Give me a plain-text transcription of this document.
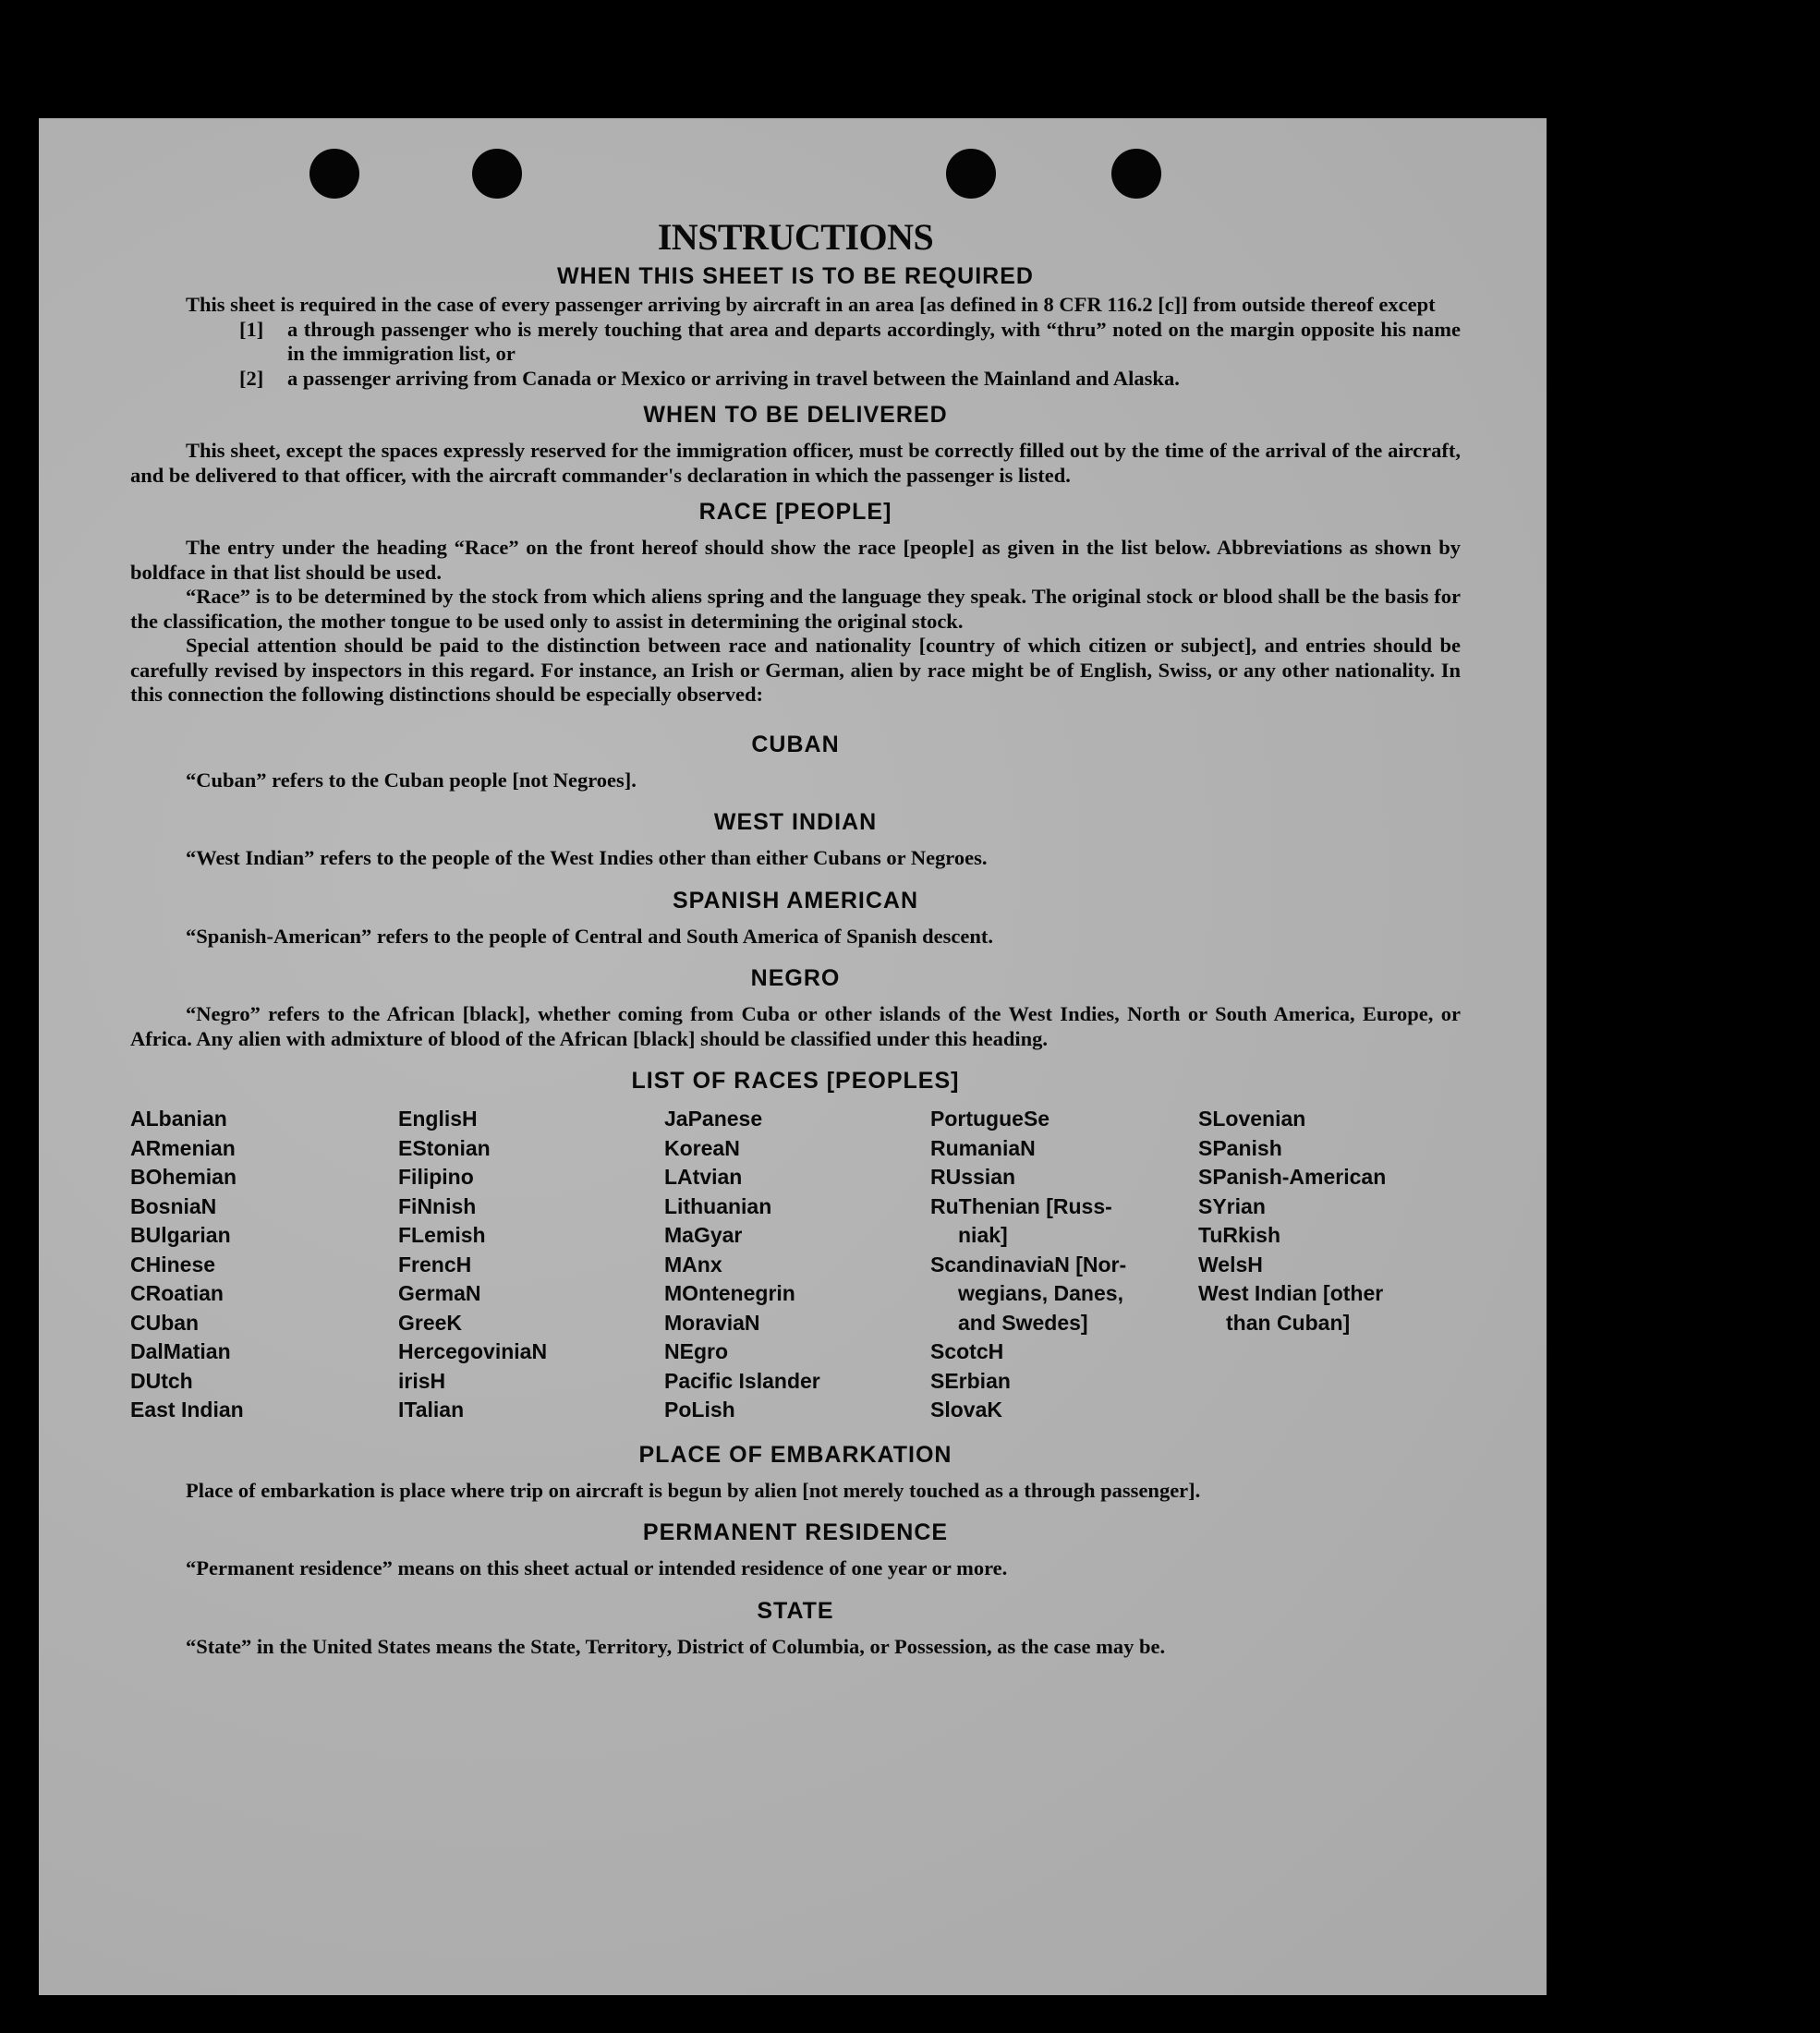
INSTRUCTIONS
WHEN THIS SHEET IS TO BE REQUIRED

This sheet is required in the case of every passenger arriving by aircraft in an area [as defined in 8 CFR 116.2 [c]] from outside thereof except

[1]	a through passenger who is merely touching that area and departs accordingly, with “thru” noted on the margin opposite his name in the immigration list, or
[2]	a passenger arriving from Canada or Mexico or arriving in travel between the Mainland and Alaska.
WHEN TO BE DELIVERED

This sheet, except the spaces expressly reserved for the immigration officer, must be correctly filled out by the time of the arrival of the aircraft, and be delivered to that officer, with the aircraft commander's declaration in which the passenger is listed.

RACE [PEOPLE]

The entry under the heading “Race” on the front hereof should show the race [people] as given in the list below. Abbreviations as shown by boldface in that list should be used.

“Race” is to be determined by the stock from which aliens spring and the language they speak. The original stock or blood shall be the basis for the classification, the mother tongue to be used only to assist in determining the original stock.

Special attention should be paid to the distinction between race and nationality [country of which citizen or subject], and entries should be carefully revised by inspectors in this regard. For instance, an Irish or German, alien by race might be of English, Swiss, or any other nationality. In this connection the following distinctions should be especially observed:

CUBAN

“Cuban” refers to the Cuban people [not Negroes].

WEST INDIAN

“West Indian” refers to the people of the West Indies other than either Cubans or Negroes.

SPANISH AMERICAN

“Spanish-American” refers to the people of Central and South America of Spanish descent.

NEGRO

“Negro” refers to the African [black], whether coming from Cuba or other islands of the West Indies, North or South America, Europe, or Africa. Any alien with admixture of blood of the African [black] should be classified under this heading.

LIST OF RACES [PEOPLES]
ALbanian
ARmenian
BOhemian
BosniaN
BUlgarian
CHinese
CRoatian
CUban
DalMatian
DUtch
East Indian
EnglisH
EStonian
Filipino
FiNnish
FLemish
FrencH
GermaN
GreeK
HercegoviniaN
irisH
ITalian
JaPanese
KoreaN
LAtvian
Lithuanian
MaGyar
MAnx
MOntenegrin
MoraviaN
NEgro
Pacific Islander
PoLish
PortugueSe
RumaniaN
RUssian
RuThenian [Russ-
niak]
ScandinaviaN [Nor-
wegians, Danes,
and Swedes]
ScotcH
SErbian
SlovaK
SLovenian
SPanish
SPanish-American
SYrian
TuRkish
WelsH
West Indian [other
than Cuban]
PLACE OF EMBARKATION

Place of embarkation is place where trip on aircraft is begun by alien [not merely touched as a through passenger].

PERMANENT RESIDENCE

“Permanent residence” means on this sheet actual or intended residence of one year or more.

STATE

“State” in the United States means the State, Territory, District of Columbia, or Possession, as the case may be.
